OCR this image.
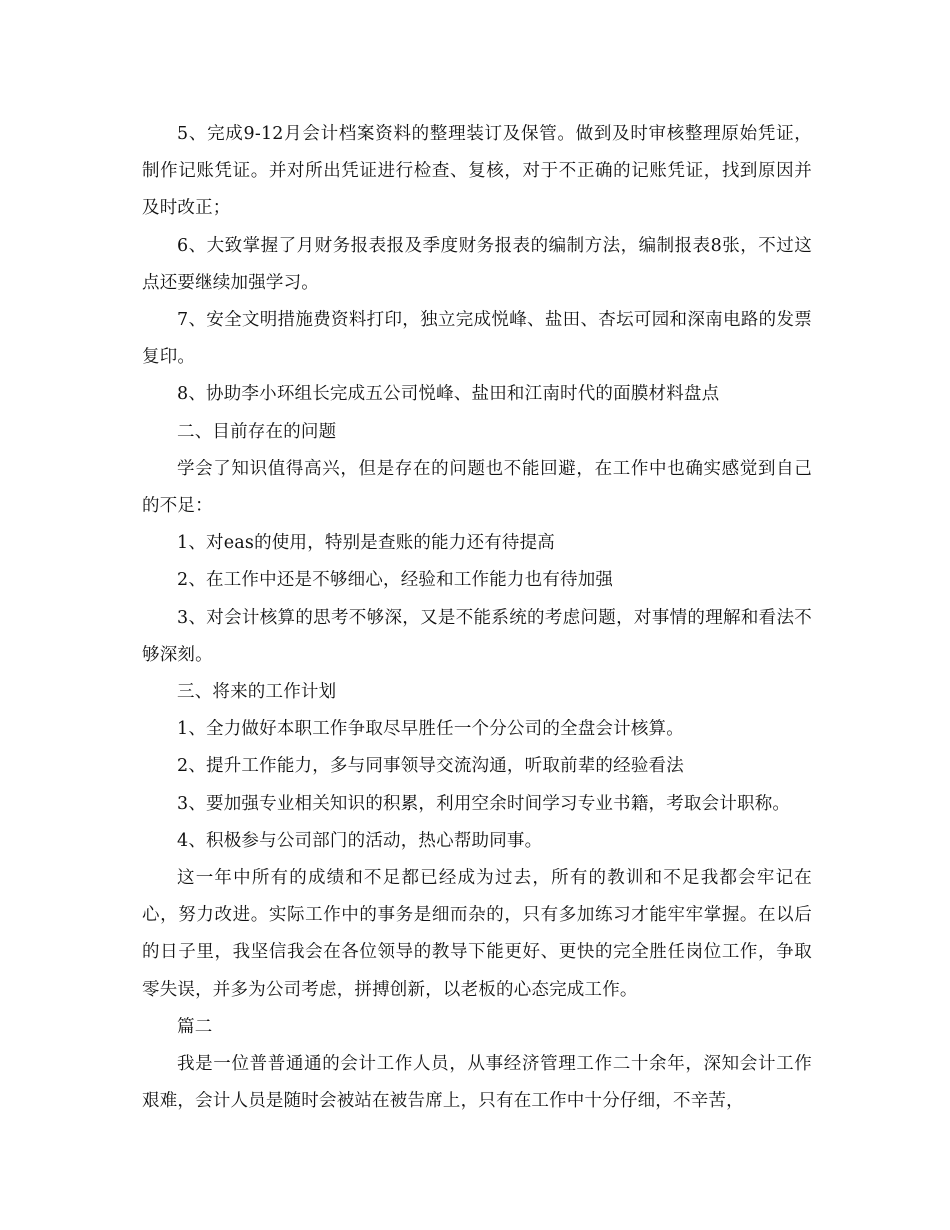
5、完成9-12月会计档案资料的整理装订及保管。做到及时审核整理原始凭证，制作记账凭证。并对所出凭证进行检查、复核，对于不正确的记账凭证，找到原因并及时改正；

6、大致掌握了月财务报表报及季度财务报表的编制方法，编制报表8张，不过这点还要继续加强学习。

7、安全文明措施费资料打印，独立完成悦峰、盐田、杏坛可园和深南电路的发票复印。

8、协助李小环组长完成五公司悦峰、盐田和江南时代的面膜材料盘点

二、目前存在的问题

学会了知识值得高兴，但是存在的问题也不能回避，在工作中也确实感觉到自己的不足：

1、对eas的使用，特别是查账的能力还有待提高

2、在工作中还是不够细心，经验和工作能力也有待加强

3、对会计核算的思考不够深，又是不能系统的考虑问题，对事情的理解和看法不够深刻。

三、将来的工作计划

1、全力做好本职工作争取尽早胜任一个分公司的全盘会计核算。

2、提升工作能力，多与同事领导交流沟通，听取前辈的经验看法

3、要加强专业相关知识的积累，利用空余时间学习专业书籍，考取会计职称。

4、积极参与公司部门的活动，热心帮助同事。

这一年中所有的成绩和不足都已经成为过去，所有的教训和不足我都会牢记在心，努力改进。实际工作中的事务是细而杂的，只有多加练习才能牢牢掌握。在以后的日子里，我坚信我会在各位领导的教导下能更好、更快的完全胜任岗位工作，争取零失误，并多为公司考虑，拼搏创新，以老板的心态完成工作。

篇二

我是一位普普通通的会计工作人员，从事经济管理工作二十余年，深知会计工作艰难，会计人员是随时会被站在被告席上，只有在工作中十分仔细，不辛苦，
